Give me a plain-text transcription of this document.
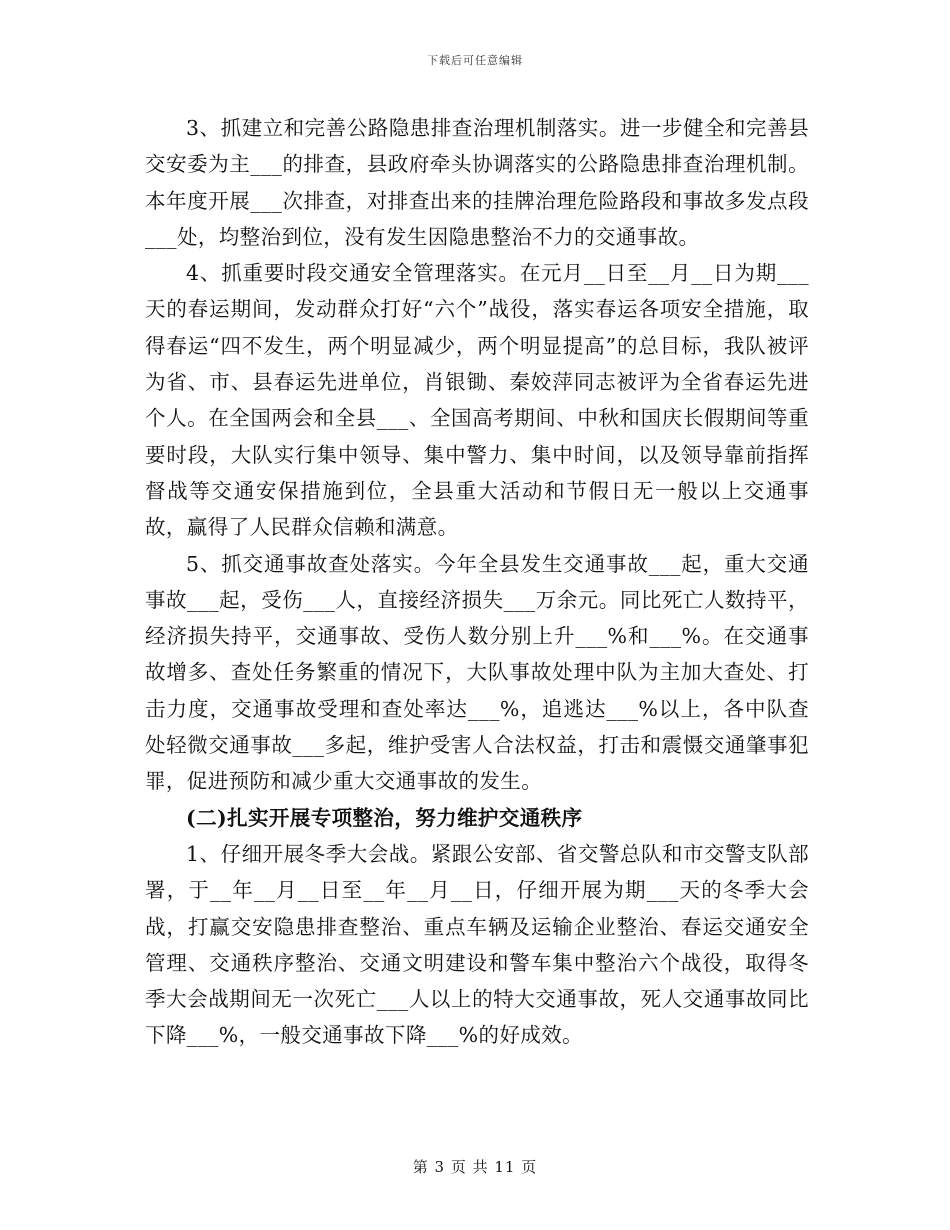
下载后可任意编辑

3、抓建立和完善公路隐患排查治理机制落实。进一步健全和完善县交安委为主___的排查，县政府牵头协调落实的公路隐患排查治理机制。本年度开展___次排查，对排查出来的挂牌治理危险路段和事故多发点段___处，均整治到位，没有发生因隐患整治不力的交通事故。

4、抓重要时段交通安全管理落实。在元月__日至__月__日为期___天的春运期间，发动群众打好“六个”战役，落实春运各项安全措施，取得春运“四不发生，两个明显减少，两个明显提高”的总目标，我队被评为省、市、县春运先进单位，肖银锄、秦姣萍同志被评为全省春运先进个人。在全国两会和全县___、全国高考期间、中秋和国庆长假期间等重要时段，大队实行集中领导、集中警力、集中时间，以及领导靠前指挥督战等交通安保措施到位，全县重大活动和节假日无一般以上交通事故，赢得了人民群众信赖和满意。

5、抓交通事故查处落实。今年全县发生交通事故___起，重大交通事故___起，受伤___人，直接经济损失___万余元。同比死亡人数持平，经济损失持平，交通事故、受伤人数分别上升___%和___%。在交通事故增多、查处任务繁重的情况下，大队事故处理中队为主加大查处、打击力度，交通事故受理和查处率达___%，追逃达___%以上，各中队查处轻微交通事故___多起，维护受害人合法权益，打击和震慑交通肇事犯罪，促进预防和减少重大交通事故的发生。

(二)扎实开展专项整治，努力维护交通秩序

1、仔细开展冬季大会战。紧跟公安部、省交警总队和市交警支队部署，于__年__月__日至__年__月__日，仔细开展为期___天的冬季大会战，打赢交安隐患排查整治、重点车辆及运输企业整治、春运交通安全管理、交通秩序整治、交通文明建设和警车集中整治六个战役，取得冬季大会战期间无一次死亡___人以上的特大交通事故，死人交通事故同比下降___%，一般交通事故下降___%的好成效。

第 3 页 共 11 页
